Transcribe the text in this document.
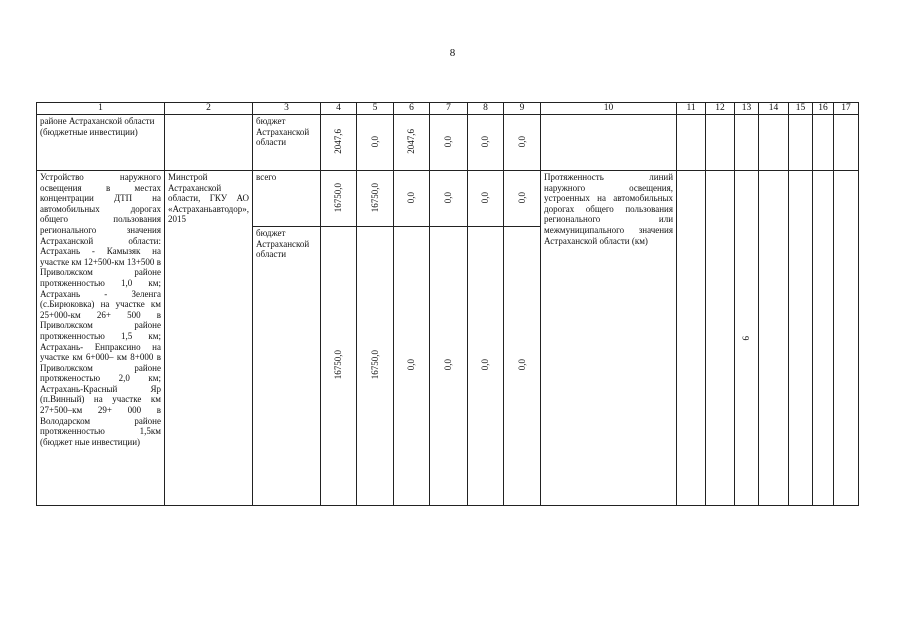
8
1	2	3	4	5	6	7	8	9	10	11	12	13	14	15	16	17
районе Астраханской области (бюджетные инвестиции)		бюджет Астраханской области	2047,6	0,0	2047,6	0,0	0,0	0,0								
Устройство наружного освещения в местах концентрации ДТП на автомобильных дорогах общего пользования регионального значения Астраханской области: Астрахань - Камызяк на участке км 12+500-км 13+500 в Приволжском районе протяженностью 1,0 км; Астрахань - Зеленга (с.Бирюковка) на участке км 25+000-км 26+ 500 в Приволжском районе протяженностью 1,5 км; Астрахань- Енпраксино на участке км 6+000– км 8+000 в Приволжском районе протяженостью 2,0 км; Астрахань-Красный Яр (п.Винный) на участке км 27+500–км 29+ 000 в Володарском районе протяженностью 1,5км (бюджет ные инвестиции)	Минстрой Астраханской области, ГКУ АО «Астраханьавтодор», 2015	всего	16750,0	16750,0	0,0	0,0	0,0	0,0	Протяженность линий наружного освещения, устроенных на автомобильных дорогах общего пользования регионального или межмуниципального значения Астраханской области (км)			6				
		бюджет Астраханской области	16750,0	16750,0	0,0	0,0	0,0	0,0								
